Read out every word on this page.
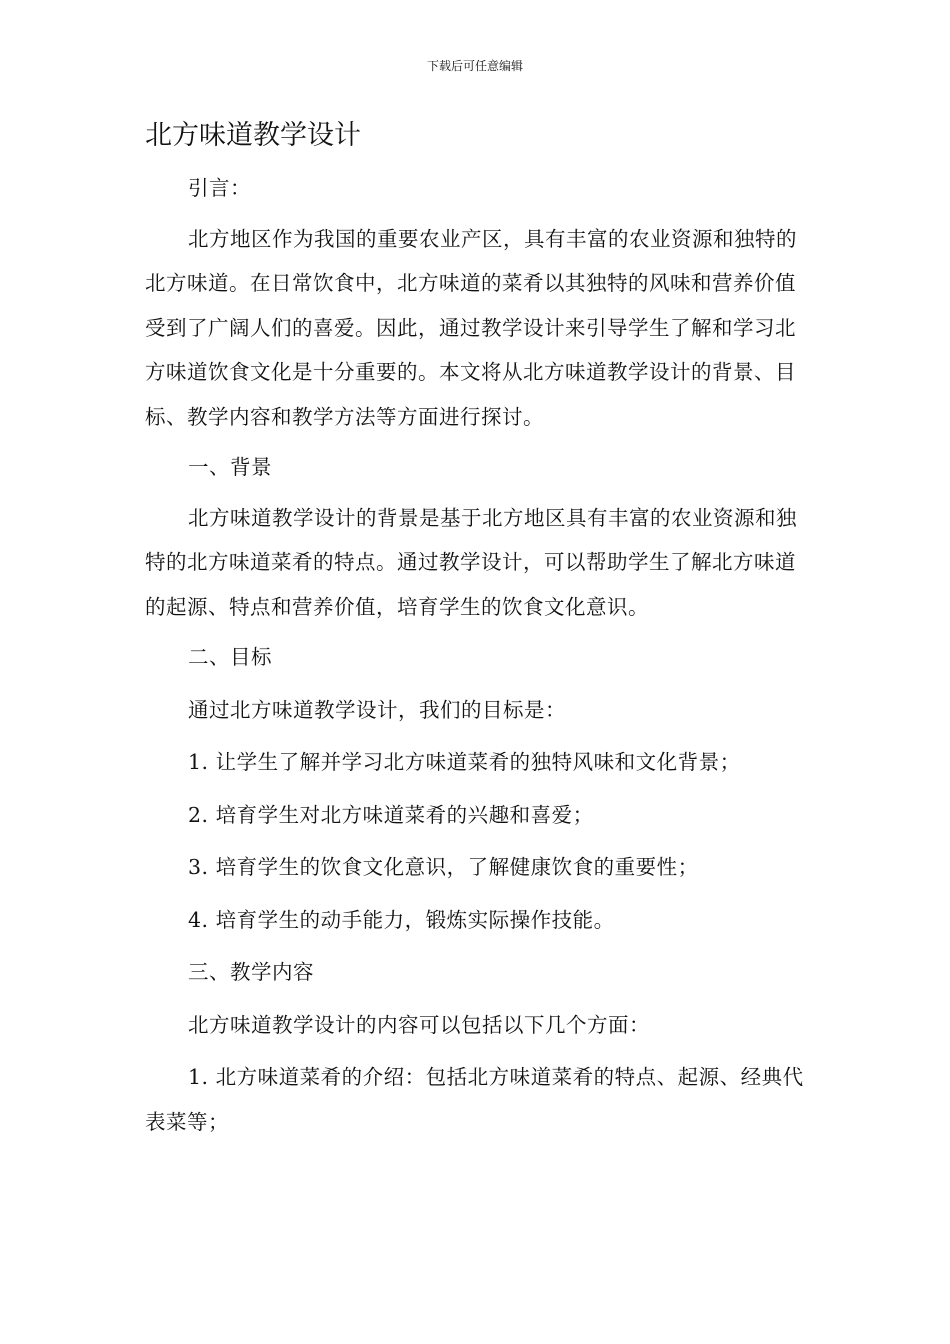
下载后可任意编辑
北方味道教学设计

引言：

北方地区作为我国的重要农业产区，具有丰富的农业资源和独特的北方味道。在日常饮食中，北方味道的菜肴以其独特的风味和营养价值受到了广阔人们的喜爱。因此，通过教学设计来引导学生了解和学习北方味道饮食文化是十分重要的。本文将从北方味道教学设计的背景、目标、教学内容和教学方法等方面进行探讨。

一、背景

北方味道教学设计的背景是基于北方地区具有丰富的农业资源和独特的北方味道菜肴的特点。通过教学设计，可以帮助学生了解北方味道的起源、特点和营养价值，培育学生的饮食文化意识。

二、目标

通过北方味道教学设计，我们的目标是：

1. 让学生了解并学习北方味道菜肴的独特风味和文化背景；

2. 培育学生对北方味道菜肴的兴趣和喜爱；

3. 培育学生的饮食文化意识，了解健康饮食的重要性；

4. 培育学生的动手能力，锻炼实际操作技能。

三、教学内容

北方味道教学设计的内容可以包括以下几个方面：

1. 北方味道菜肴的介绍：包括北方味道菜肴的特点、起源、经典代表菜等；
